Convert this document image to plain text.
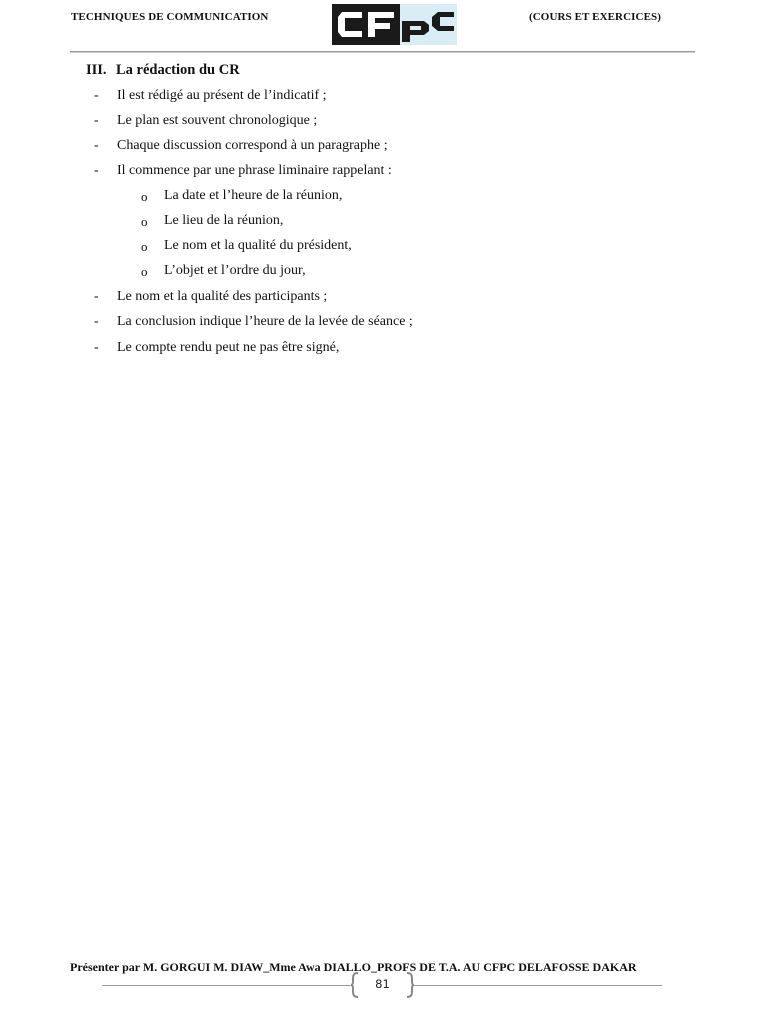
TECHNIQUES DE COMMUNICATION	(COURS ET EXERCICES)
III. La rédaction du CR
- Il est rédigé au présent de l’indicatif ;
- Le plan est souvent chronologique ;
- Chaque discussion correspond à un paragraphe ;
- Il commence par une phrase liminaire rappelant :
o La date et l’heure de la réunion,
o Le lieu de la réunion,
o Le nom et la qualité du président,
o L’objet et l’ordre du jour,
- Le nom et la qualité des participants ;
- La conclusion indique l’heure de la levée de séance ;
- Le compte rendu peut ne pas être signé,
Présenter par M. GORGUI M. DIAW_Mme Awa DIALLO_PROFS DE T.A. AU CFPC DELAFOSSE DAKAR
81
